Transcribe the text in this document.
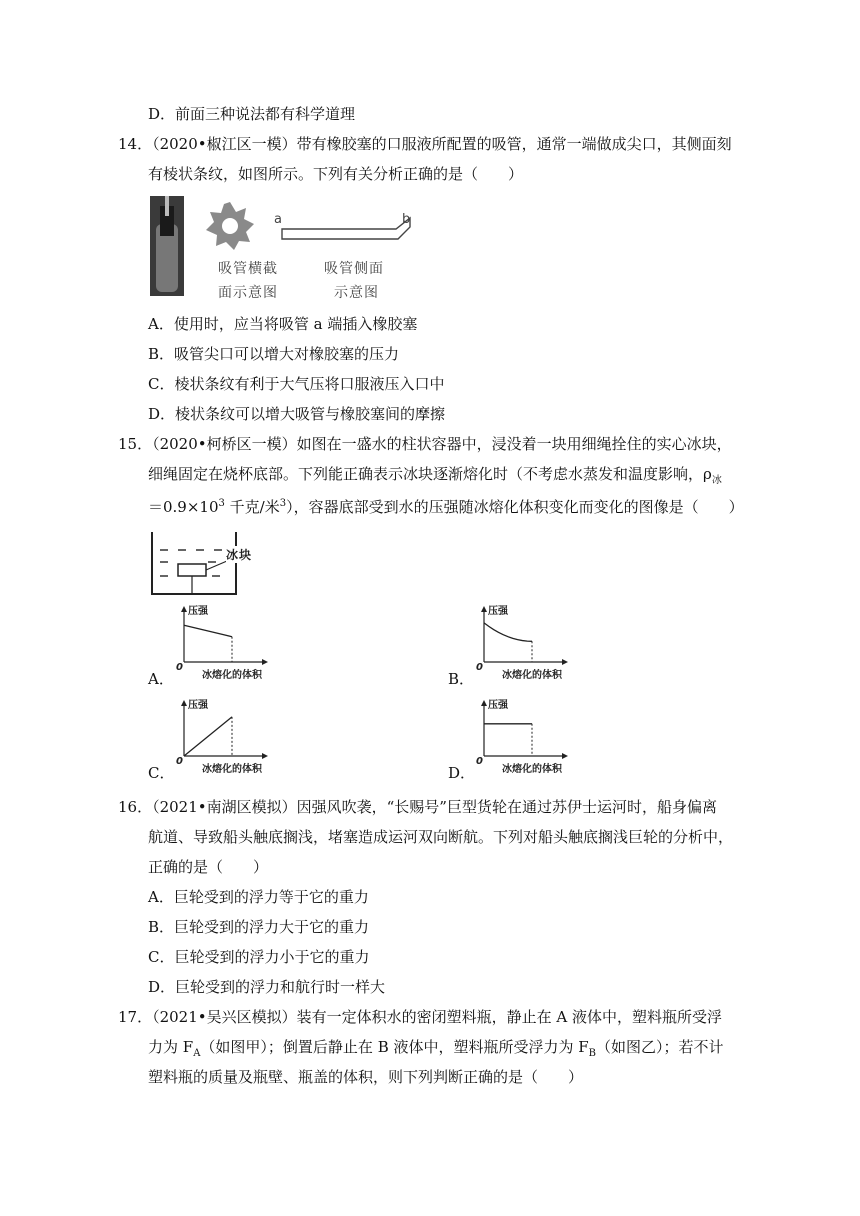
D．前面三种说法都有科学道理
14．（2020•椒江区一模）带有橡胶塞的口服液所配置的吸管，通常一端做成尖口，其侧面刻
有棱状条纹，如图所示。下列有关分析正确的是（　　）
a	b
吸管横截
面示意图
吸管侧面
示意图
A．使用时，应当将吸管 a 端插入橡胶塞
B．吸管尖口可以增大对橡胶塞的压力
C．棱状条纹有利于大气压将口服液压入口中
D．棱状条纹可以增大吸管与橡胶塞间的摩擦
15．（2020•柯桥区一模）如图在一盛水的柱状容器中，浸没着一块用细绳拴住的实心冰块，
细绳固定在烧杯底部。下列能正确表示冰块逐渐熔化时（不考虑水蒸发和温度影响，$\rho_冰$
$=0.9\times 10^3$ 千克/米$^3$），容器底部受到水的压强随冰熔化体积变化而变化的图像是（　　）
冰块
A．	B．
C．	D．
压强
冰熔化的体积
0
压强
冰熔化的体积
0
压强
冰熔化的体积
0
压强
冰熔化的体积
0
16．（2021•南湖区模拟）因强风吹袭，“长赐号”巨型货轮在通过苏伊士运河时，船身偏离
航道、导致船头触底搁浅，堵塞造成运河双向断航。下列对船头触底搁浅巨轮的分析中，
正确的是（　　）
A．巨轮受到的浮力等于它的重力
B．巨轮受到的浮力大于它的重力
C．巨轮受到的浮力小于它的重力
D．巨轮受到的浮力和航行时一样大
17．（2021•吴兴区模拟）装有一定体积水的密闭塑料瓶，静止在 A 液体中，塑料瓶所受浮
力为 $F_A$（如图甲）；倒置后静止在 B 液体中，塑料瓶所受浮力为 $F_B$（如图乙）；若不计
塑料瓶的质量及瓶壁、瓶盖的体积，则下列判断正确的是（　　）
